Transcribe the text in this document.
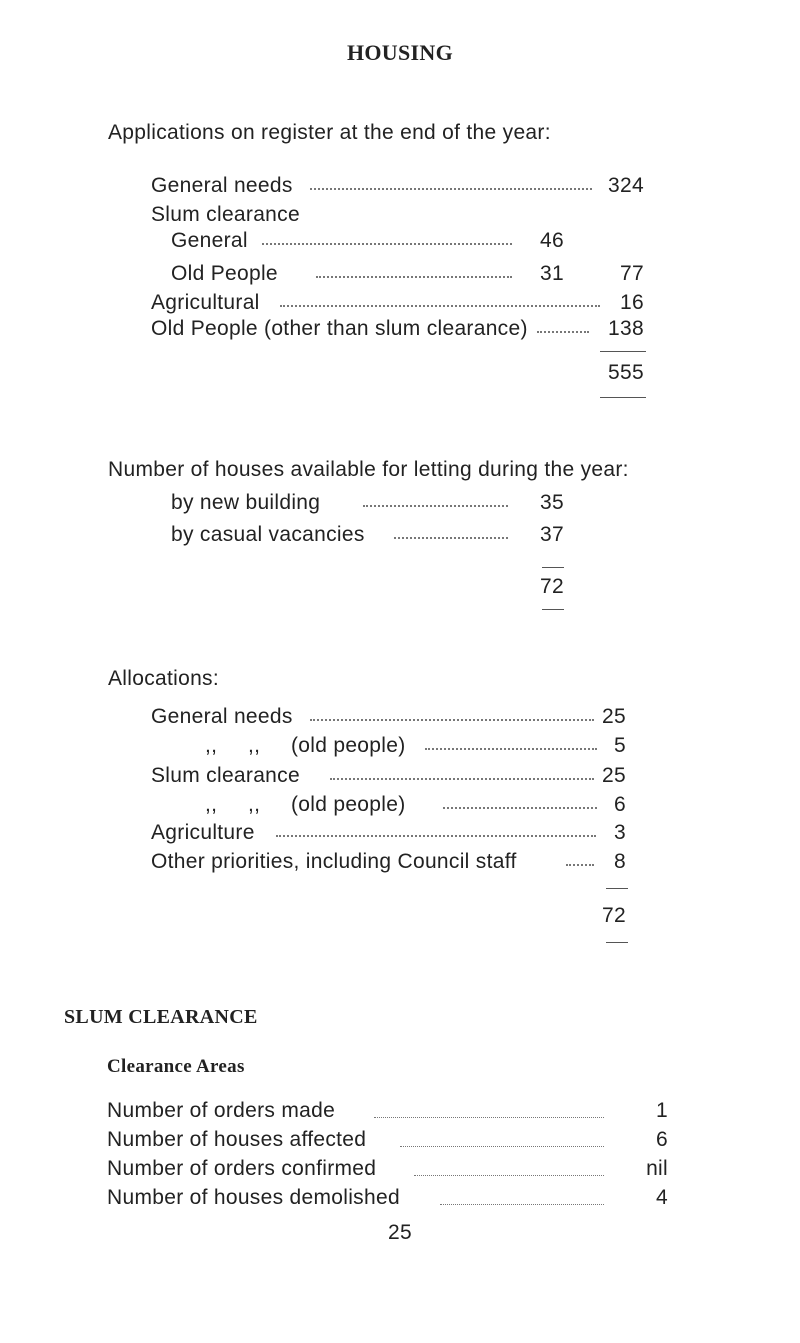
HOUSING
Applications on register at the end of the year:
General needs	324
Slum clearance
General	46
Old People	31	77
Agricultural	16
Old People (other than slum clearance)	138
555
Number of houses available for letting during the year:
by new building	35
by casual vacancies	37
72
Allocations:
General needs	25
,,     ,, (old people)	5
Slum clearance	25
,,     ,, (old people)	6
Agriculture	3
Other priorities, including Council staff	8
72
SLUM CLEARANCE
Clearance Areas
Number of orders made	1
Number of houses affected	6
Number of orders confirmed	nil
Number of houses demolished	4
25
